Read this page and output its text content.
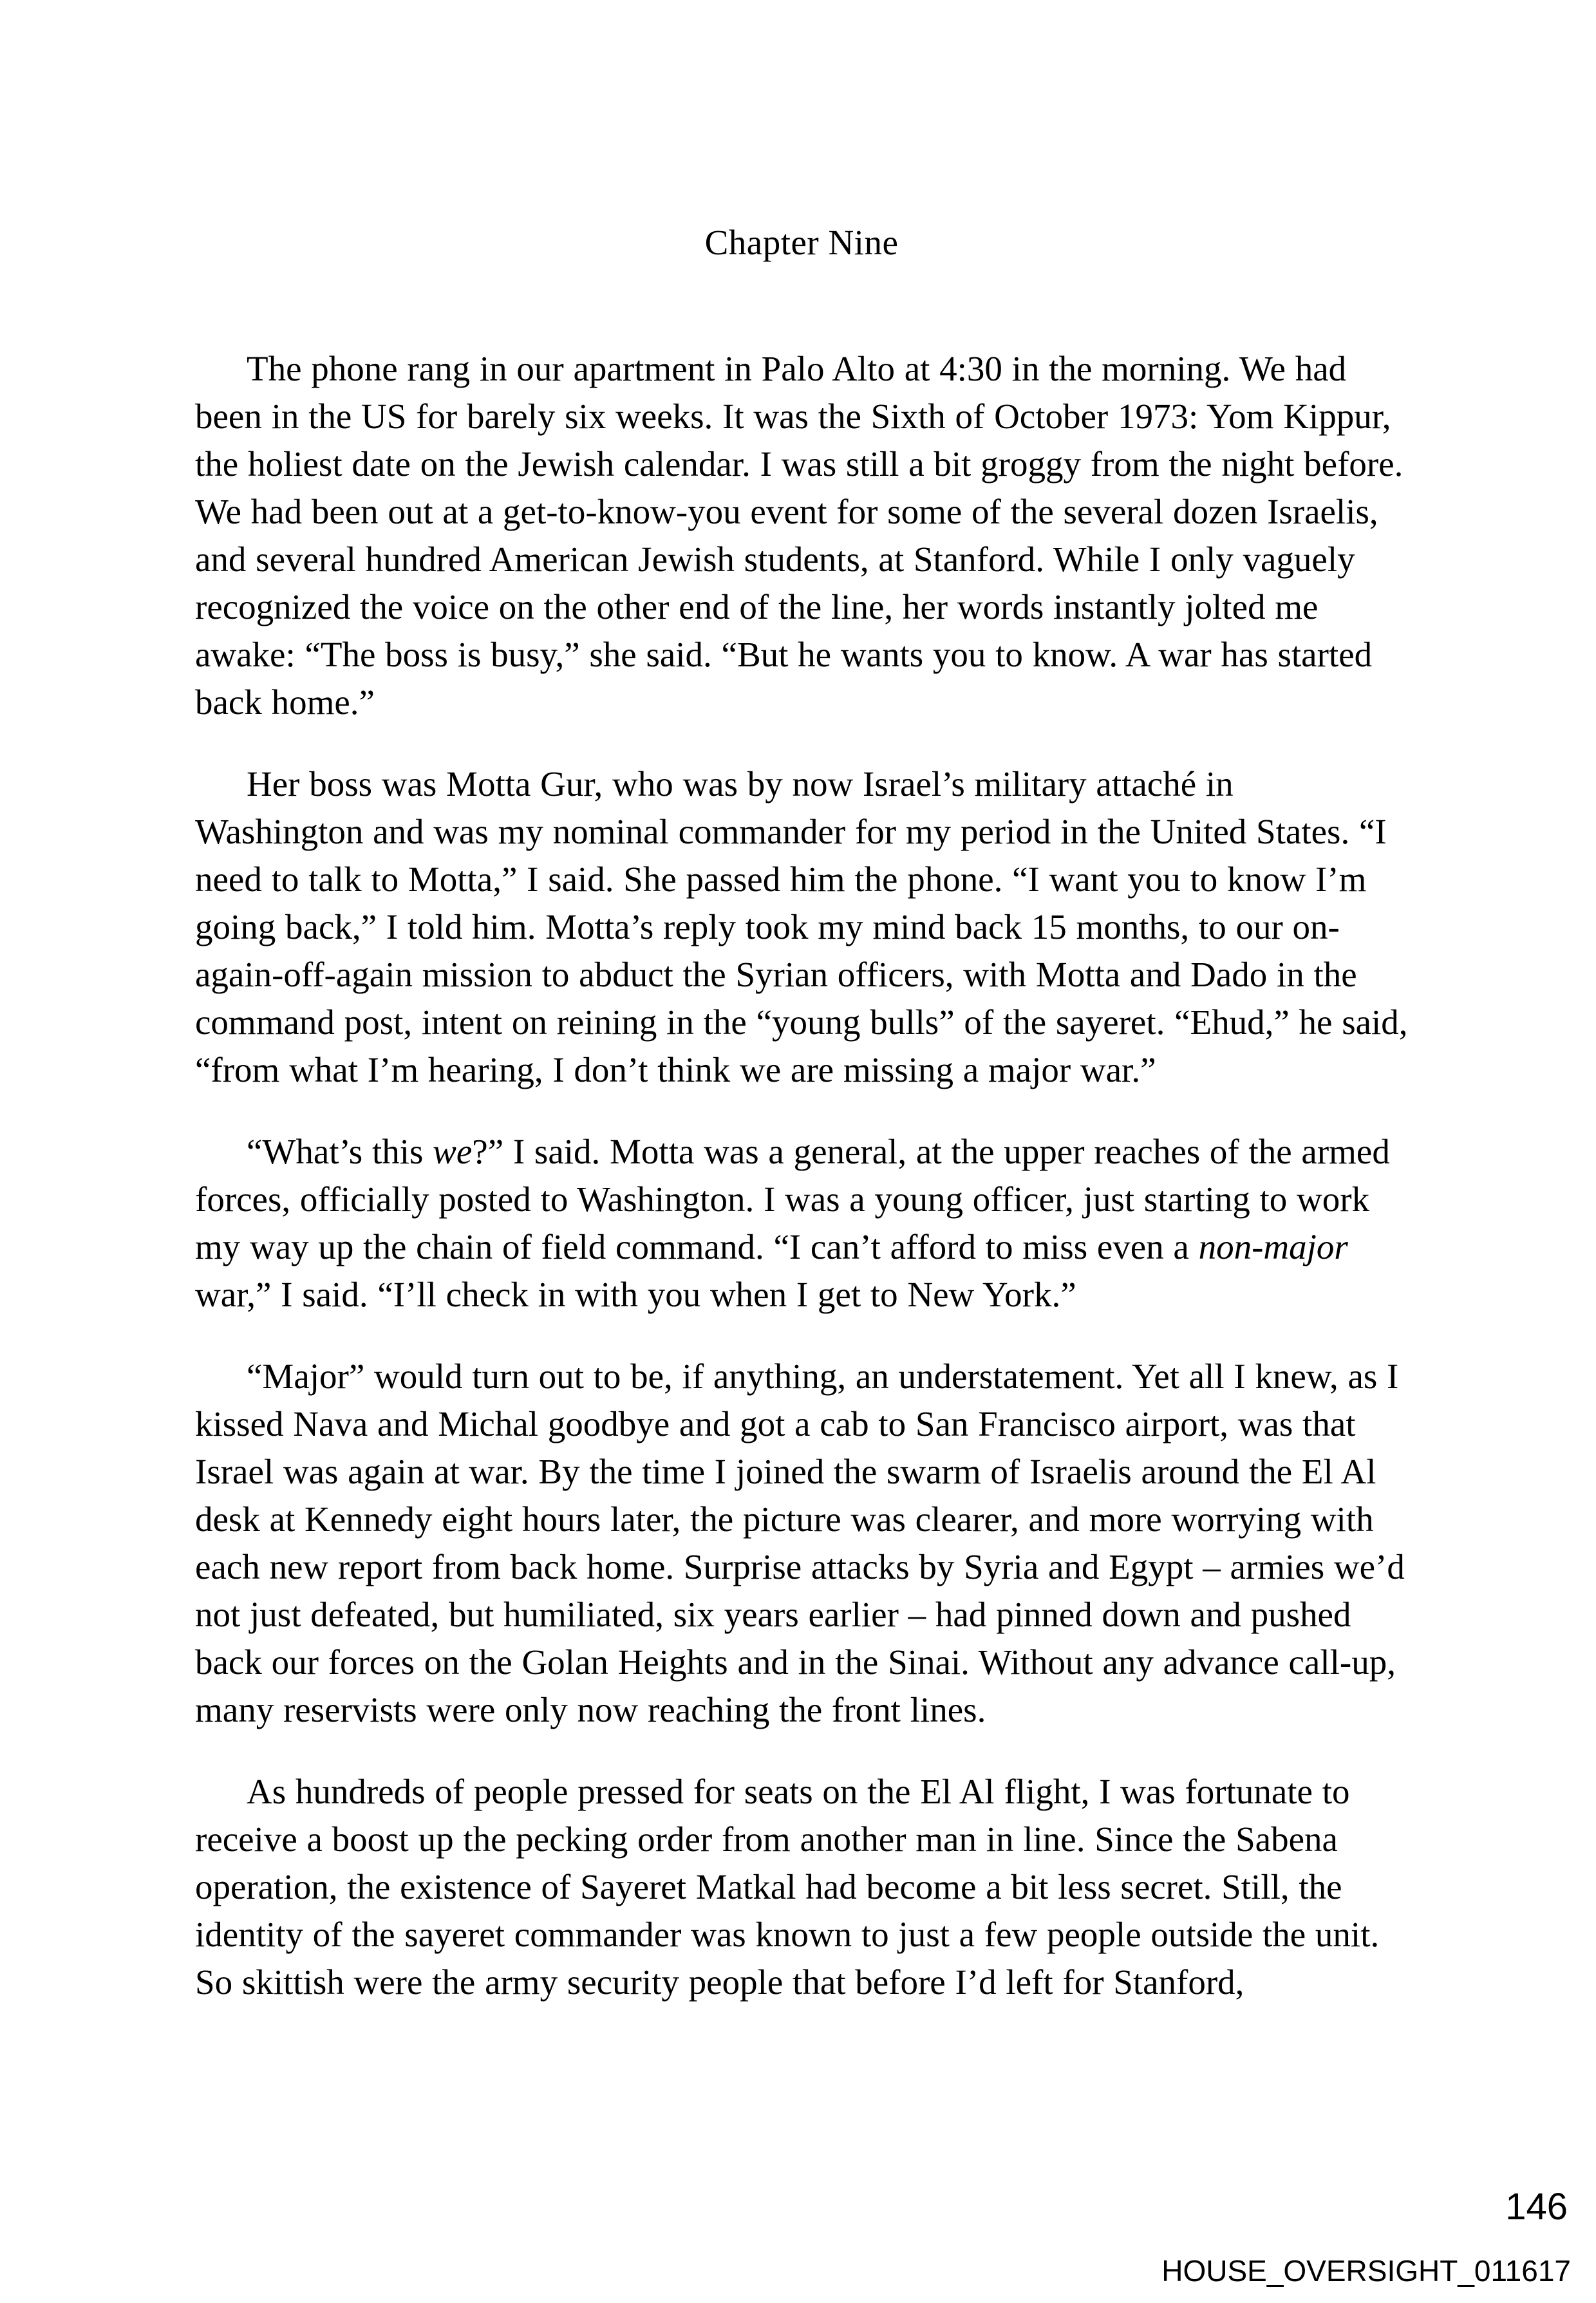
Chapter Nine

The phone rang in our apartment in Palo Alto at 4:30 in the morning. We had been in the US for barely six weeks. It was the Sixth of October 1973: Yom Kippur, the holiest date on the Jewish calendar. I was still a bit groggy from the night before. We had been out at a get-to-know-you event for some of the several dozen Israelis, and several hundred American Jewish students, at Stanford. While I only vaguely recognized the voice on the other end of the line, her words instantly jolted me awake: “The boss is busy,” she said. “But he wants you to know. A war has started back home.”

Her boss was Motta Gur, who was by now Israel’s military attaché in Washington and was my nominal commander for my period in the United States. “I need to talk to Motta,” I said. She passed him the phone. “I want you to know I’m going back,” I told him. Motta’s reply took my mind back 15 months, to our on-again-off-again mission to abduct the Syrian officers, with Motta and Dado in the command post, intent on reining in the “young bulls” of the sayeret. “Ehud,” he said, “from what I’m hearing, I don’t think we are missing a major war.”

“What’s this we?” I said. Motta was a general, at the upper reaches of the armed forces, officially posted to Washington. I was a young officer, just starting to work my way up the chain of field command. “I can’t afford to miss even a non-major war,” I said. “I’ll check in with you when I get to New York.”

“Major” would turn out to be, if anything, an understatement. Yet all I knew, as I kissed Nava and Michal goodbye and got a cab to San Francisco airport, was that Israel was again at war. By the time I joined the swarm of Israelis around the El Al desk at Kennedy eight hours later, the picture was clearer, and more worrying with each new report from back home. Surprise attacks by Syria and Egypt – armies we’d not just defeated, but humiliated, six years earlier – had pinned down and pushed back our forces on the Golan Heights and in the Sinai. Without any advance call-up, many reservists were only now reaching the front lines.

As hundreds of people pressed for seats on the El Al flight, I was fortunate to receive a boost up the pecking order from another man in line. Since the Sabena operation, the existence of Sayeret Matkal had become a bit less secret. Still, the identity of the sayeret commander was known to just a few people outside the unit. So skittish were the army security people that before I’d left for Stanford,

146
HOUSE_OVERSIGHT_011617
